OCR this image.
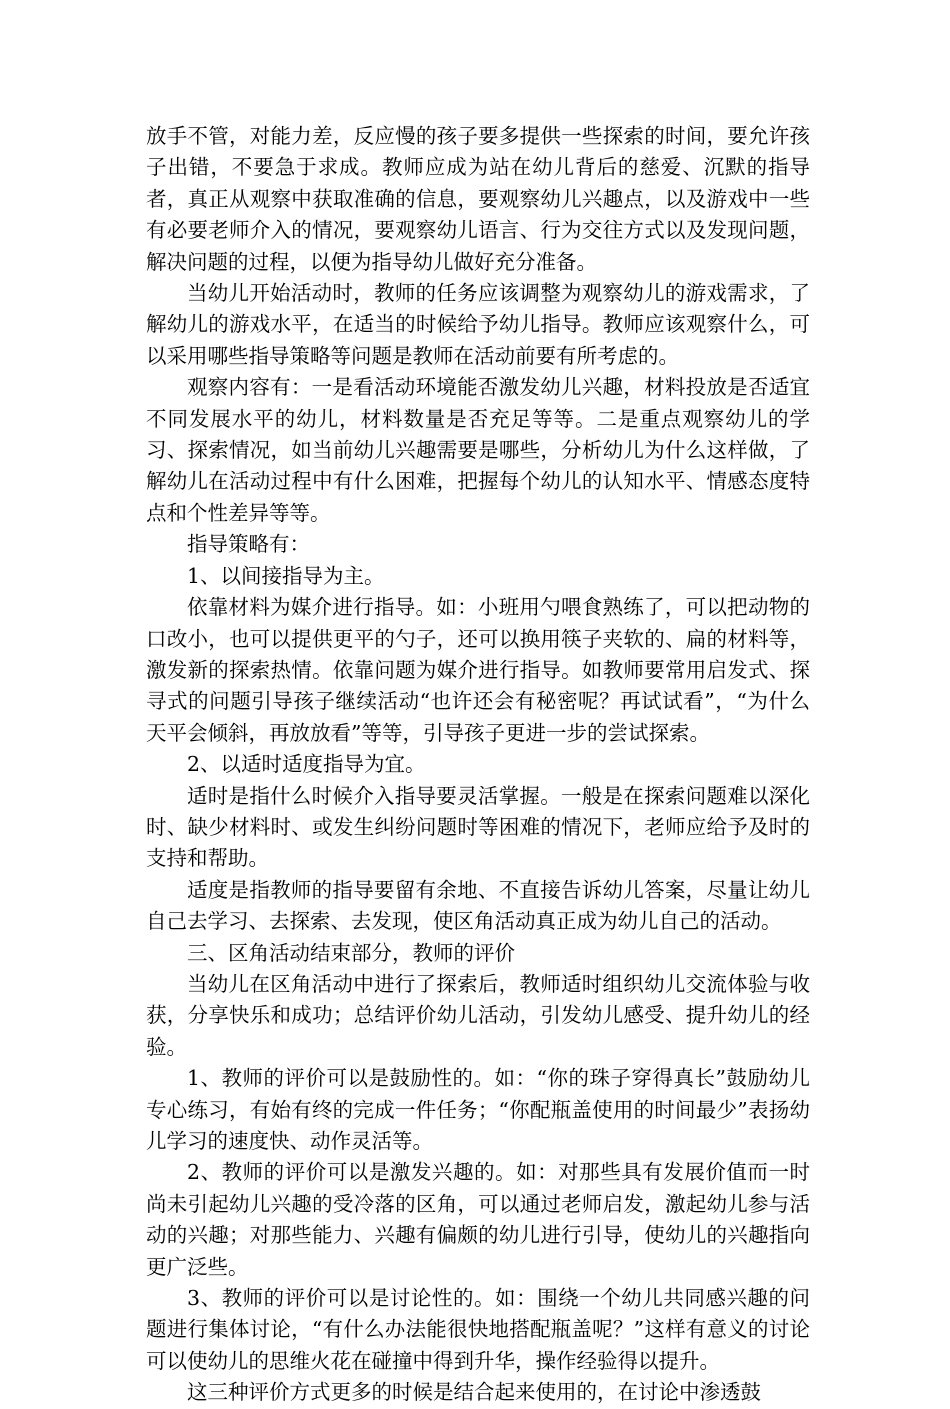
放手不管，对能力差，反应慢的孩子要多提供一些探索的时间，要允许孩子出错，不要急于求成。教师应成为站在幼儿背后的慈爱、沉默的指导者，真正从观察中获取准确的信息，要观察幼儿兴趣点，以及游戏中一些有必要老师介入的情况，要观察幼儿语言、行为交往方式以及发现问题，解决问题的过程，以便为指导幼儿做好充分准备。

当幼儿开始活动时，教师的任务应该调整为观察幼儿的游戏需求，了解幼儿的游戏水平，在适当的时候给予幼儿指导。教师应该观察什么，可以采用哪些指导策略等问题是教师在活动前要有所考虑的。

观察内容有：一是看活动环境能否激发幼儿兴趣，材料投放是否适宜不同发展水平的幼儿，材料数量是否充足等等。二是重点观察幼儿的学习、探索情况，如当前幼儿兴趣需要是哪些，分析幼儿为什么这样做，了解幼儿在活动过程中有什么困难，把握每个幼儿的认知水平、情感态度特点和个性差异等等。

指导策略有：

1、以间接指导为主。

依靠材料为媒介进行指导。如：小班用勺喂食熟练了，可以把动物的口改小，也可以提供更平的勺子，还可以换用筷子夹软的、扁的材料等，激发新的探索热情。依靠问题为媒介进行指导。如教师要常用启发式、探寻式的问题引导孩子继续活动“也许还会有秘密呢？再试试看”，“为什么天平会倾斜，再放放看”等等，引导孩子更进一步的尝试探索。

2、以适时适度指导为宜。

适时是指什么时候介入指导要灵活掌握。一般是在探索问题难以深化时、缺少材料时、或发生纠纷问题时等困难的情况下，老师应给予及时的支持和帮助。

适度是指教师的指导要留有余地、不直接告诉幼儿答案，尽量让幼儿自己去学习、去探索、去发现，使区角活动真正成为幼儿自己的活动。

三、区角活动结束部分，教师的评价

当幼儿在区角活动中进行了探索后，教师适时组织幼儿交流体验与收获，分享快乐和成功；总结评价幼儿活动，引发幼儿感受、提升幼儿的经验。

1、教师的评价可以是鼓励性的。如：“你的珠子穿得真长”鼓励幼儿专心练习，有始有终的完成一件任务；“你配瓶盖使用的时间最少”表扬幼儿学习的速度快、动作灵活等。

2、教师的评价可以是激发兴趣的。如：对那些具有发展价值而一时尚未引起幼儿兴趣的受冷落的区角，可以通过老师启发，激起幼儿参与活动的兴趣；对那些能力、兴趣有偏颇的幼儿进行引导，使幼儿的兴趣指向更广泛些。

3、教师的评价可以是讨论性的。如：围绕一个幼儿共同感兴趣的问题进行集体讨论，“有什么办法能很快地搭配瓶盖呢？”这样有意义的讨论可以使幼儿的思维火花在碰撞中得到升华，操作经验得以提升。

这三种评价方式更多的时候是结合起来使用的，在讨论中渗透鼓
